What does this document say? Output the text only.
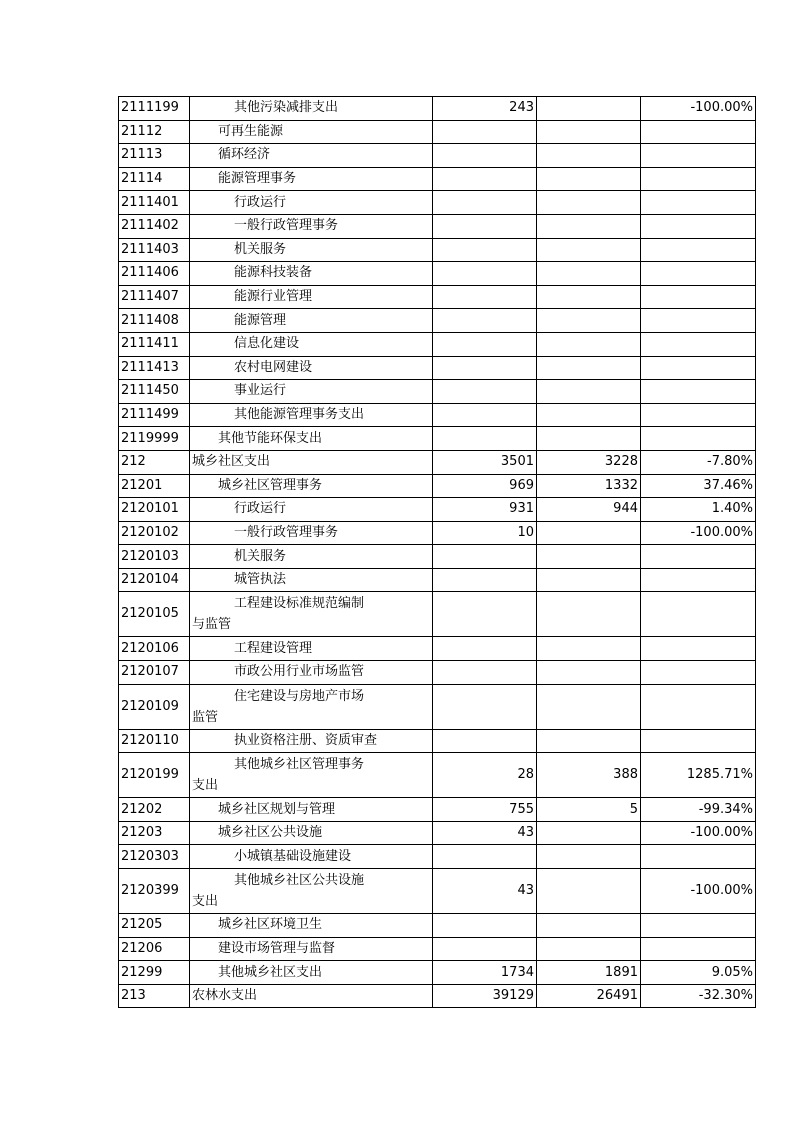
2111199	其他污染减排支出	243		-100.00%
21112	可再生能源			
21113	循环经济			
21114	能源管理事务			
2111401	行政运行			
2111402	一般行政管理事务			
2111403	机关服务			
2111406	能源科技装备			
2111407	能源行业管理			
2111408	能源管理			
2111411	信息化建设			
2111413	农村电网建设			
2111450	事业运行			
2111499	其他能源管理事务支出			
2119999	其他节能环保支出			
212	城乡社区支出	3501	3228	-7.80%
21201	城乡社区管理事务	969	1332	37.46%
2120101	行政运行	931	944	1.40%
2120102	一般行政管理事务	10		-100.00%
2120103	机关服务			
2120104	城管执法			
2120105	工程建设标准规范编制
与监管			

2120106	工程建设管理			
2120107	市政公用行业市场监管			
2120109	住宅建设与房地产市场
监管			

2120110	执业资格注册、资质审查			
2120199	其他城乡社区管理事务
支出	28	388	1285.71%
21202	城乡社区规划与管理	755	5	-99.34%
21203	城乡社区公共设施	43		-100.00%
2120303	小城镇基础设施建设			
2120399	其他城乡社区公共设施
支出	43		-100.00%
21205	城乡社区环境卫生			
21206	建设市场管理与监督			
21299	其他城乡社区支出	1734	1891	9.05%
213	农林水支出	39129	26491	-32.30%
